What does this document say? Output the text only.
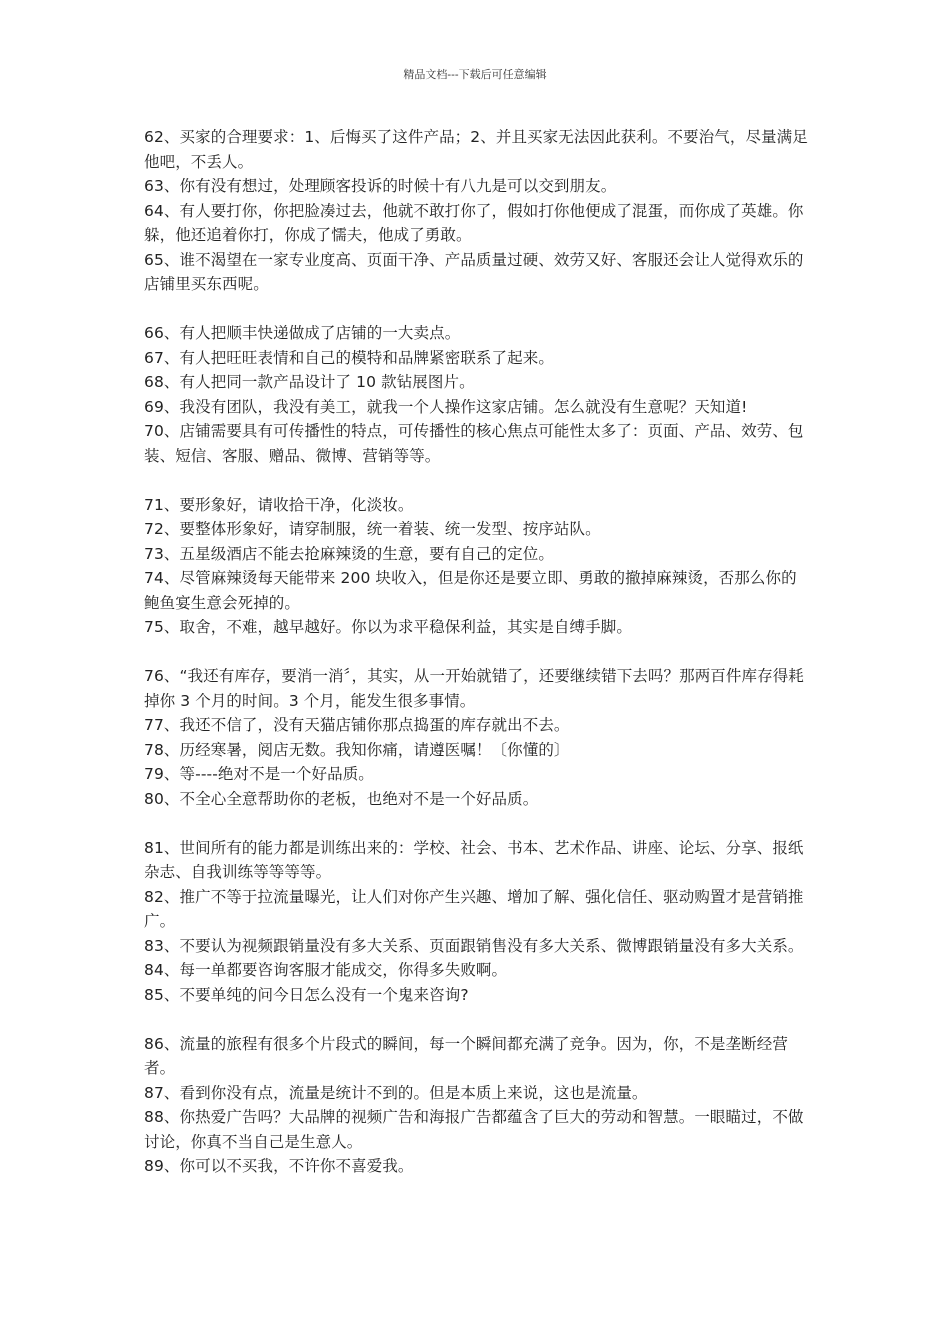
精品文档---下载后可任意编辑

62、买家的合理要求：1、后悔买了这件产品；2、并且买家无法因此获利。不要治气，尽量满足他吧，不丢人。

63、你有没有想过，处理顾客投诉的时候十有八九是可以交到朋友。

64、有人要打你，你把脸凑过去，他就不敢打你了，假如打你他便成了混蛋，而你成了英雄。你躲，他还追着你打，你成了懦夫，他成了勇敢。

65、谁不渴望在一家专业度高、页面干净、产品质量过硬、效劳又好、客服还会让人觉得欢乐的店铺里买东西呢。

66、有人把顺丰快递做成了店铺的一大卖点。

67、有人把旺旺表情和自己的模特和品牌紧密联系了起来。

68、有人把同一款产品设计了 10 款钻展图片。

69、我没有团队，我没有美工，就我一个人操作这家店铺。怎么就没有生意呢？天知道!

70、店铺需要具有可传播性的特点，可传播性的核心焦点可能性太多了：页面、产品、效劳、包装、短信、客服、赠品、微博、营销等等。

71、要形象好，请收拾干净，化淡妆。

72、要整体形象好，请穿制服，统一着装、统一发型、按序站队。

73、五星级酒店不能去抢麻辣烫的生意，要有自己的定位。

74、尽管麻辣烫每天能带来 200 块收入，但是你还是要立即、勇敢的撤掉麻辣烫，否那么你的鲍鱼宴生意会死掉的。

75、取舍，不难，越早越好。你以为求平稳保利益，其实是自缚手脚。

76、“我还有库存，要消一消〞，其实，从一开始就错了，还要继续错下去吗？那两百件库存得耗掉你 3 个月的时间。3 个月，能发生很多事情。

77、我还不信了，没有天猫店铺你那点捣蛋的库存就出不去。

78、历经寒暑，阅店无数。我知你痛，请遵医嘱！〔你懂的〕

79、等----绝对不是一个好品质。

80、不全心全意帮助你的老板，也绝对不是一个好品质。

81、世间所有的能力都是训练出来的：学校、社会、书本、艺术作品、讲座、论坛、分享、报纸杂志、自我训练等等等等。

82、推广不等于拉流量曝光，让人们对你产生兴趣、增加了解、强化信任、驱动购置才是营销推广。

83、不要认为视频跟销量没有多大关系、页面跟销售没有多大关系、微博跟销量没有多大关系。

84、每一单都要咨询客服才能成交，你得多失败啊。

85、不要单纯的问今日怎么没有一个鬼来咨询?

86、流量的旅程有很多个片段式的瞬间，每一个瞬间都充满了竞争。因为，你，不是垄断经营者。

87、看到你没有点，流量是统计不到的。但是本质上来说，这也是流量。

88、你热爱广告吗？大品牌的视频广告和海报广告都蕴含了巨大的劳动和智慧。一眼瞄过，不做讨论，你真不当自己是生意人。

89、你可以不买我，不许你不喜爱我。
